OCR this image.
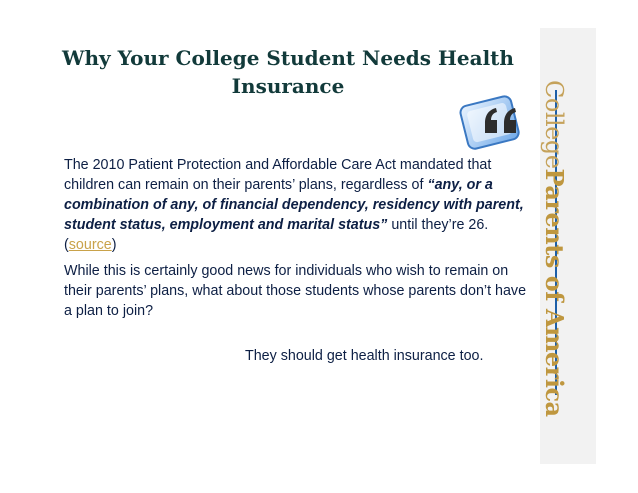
CollegeParents of America
Why Your College Student Needs Health Insurance
The 2010 Patient Protection and Affordable Care Act mandated that children can remain on their parents’ plans, regardless of “any, or a combination of any, of financial dependency, residency with parent, student status, employment and marital status” until they’re 26. (source)
While this is certainly good news for individuals who wish to remain on their parents’ plans, what about those students whose parents don’t have a plan to join?
They should get health insurance too.
